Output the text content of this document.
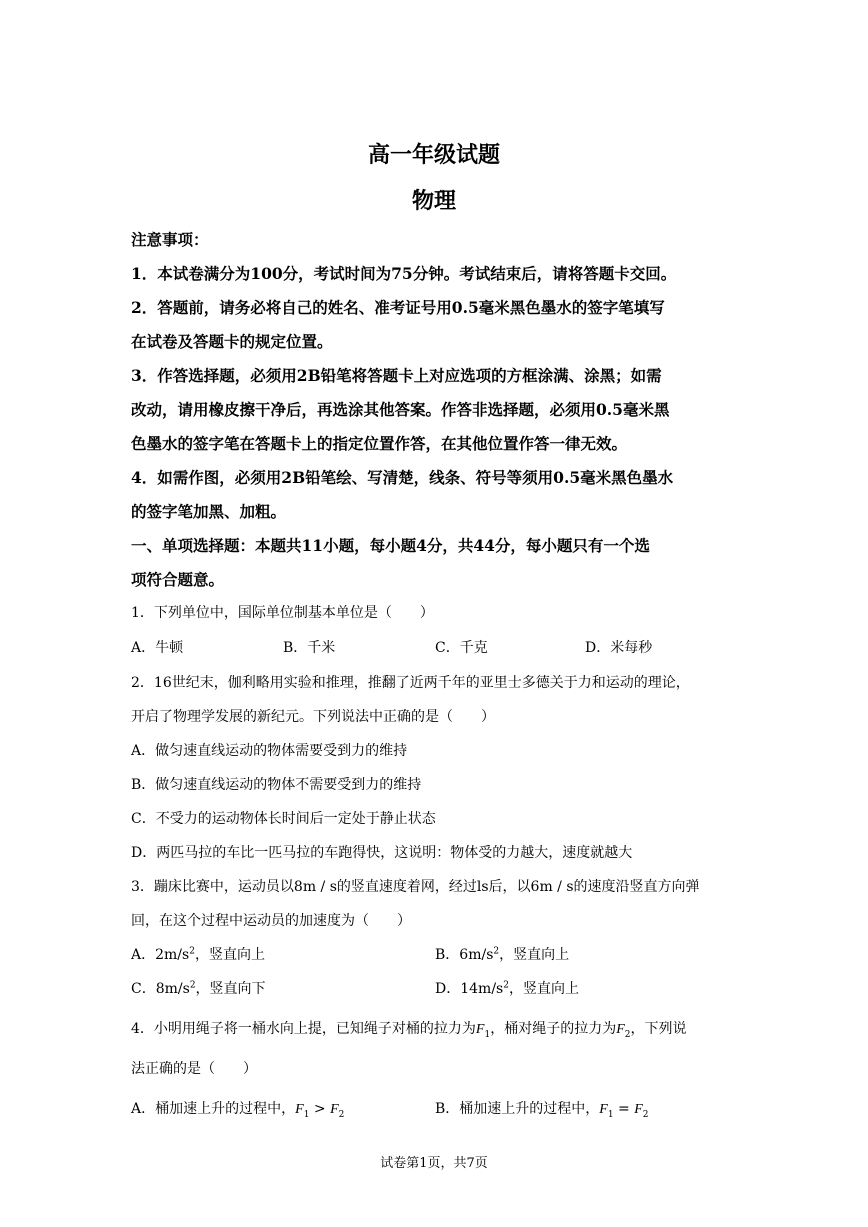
高一年级试题
物理
注意事项：
1．本试卷满分为100分，考试时间为75分钟。考试结束后，请将答题卡交回。
2．答题前，请务必将自己的姓名、准考证号用0.5毫米黑色墨水的签字笔填写
在试卷及答题卡的规定位置。
3．作答选择题，必须用2B铅笔将答题卡上对应选项的方框涂满、涂黑；如需
改动，请用橡皮擦干净后，再选涂其他答案。作答非选择题，必须用0.5毫米黑
色墨水的签字笔在答题卡上的指定位置作答，在其他位置作答一律无效。
4．如需作图，必须用2B铅笔绘、写清楚，线条、符号等须用0.5毫米黑色墨水
的签字笔加黑、加粗。
一、单项选择题：本题共11小题，每小题4分，共44分，每小题只有一个选
项符合题意。
1．下列单位中，国际单位制基本单位是（　　）
A．牛顿	B．千米	C．千克	D．米每秒
2．16世纪末，伽利略用实验和推理，推翻了近两千年的亚里士多德关于力和运动的理论，
开启了物理学发展的新纪元。下列说法中正确的是（　　）
A．做匀速直线运动的物体需要受到力的维持
B．做匀速直线运动的物体不需要受到力的维持
C．不受力的运动物体长时间后一定处于静止状态
D．两匹马拉的车比一匹马拉的车跑得快，这说明：物体受的力越大，速度就越大
3．蹦床比赛中，运动员以8m / s的竖直速度着网，经过ls后，以6m / s的速度沿竖直方向弹
回，在这个过程中运动员的加速度为（　　）
A．$2m/s^2$，竖直向上	B．$6m/s^2$，竖直向上
C．$8m/s^2$，竖直向下	D．$14m/s^2$，竖直向上
4．小明用绳子将一桶水向上提，已知绳子对桶的拉力为$F_1$，桶对绳子的拉力为$F_2$，下列说
法正确的是（　　）
A．桶加速上升的过程中，$F_1 > F_2$	B．桶加速上升的过程中，$F_1 = F_2$
试卷第1页，共7页
